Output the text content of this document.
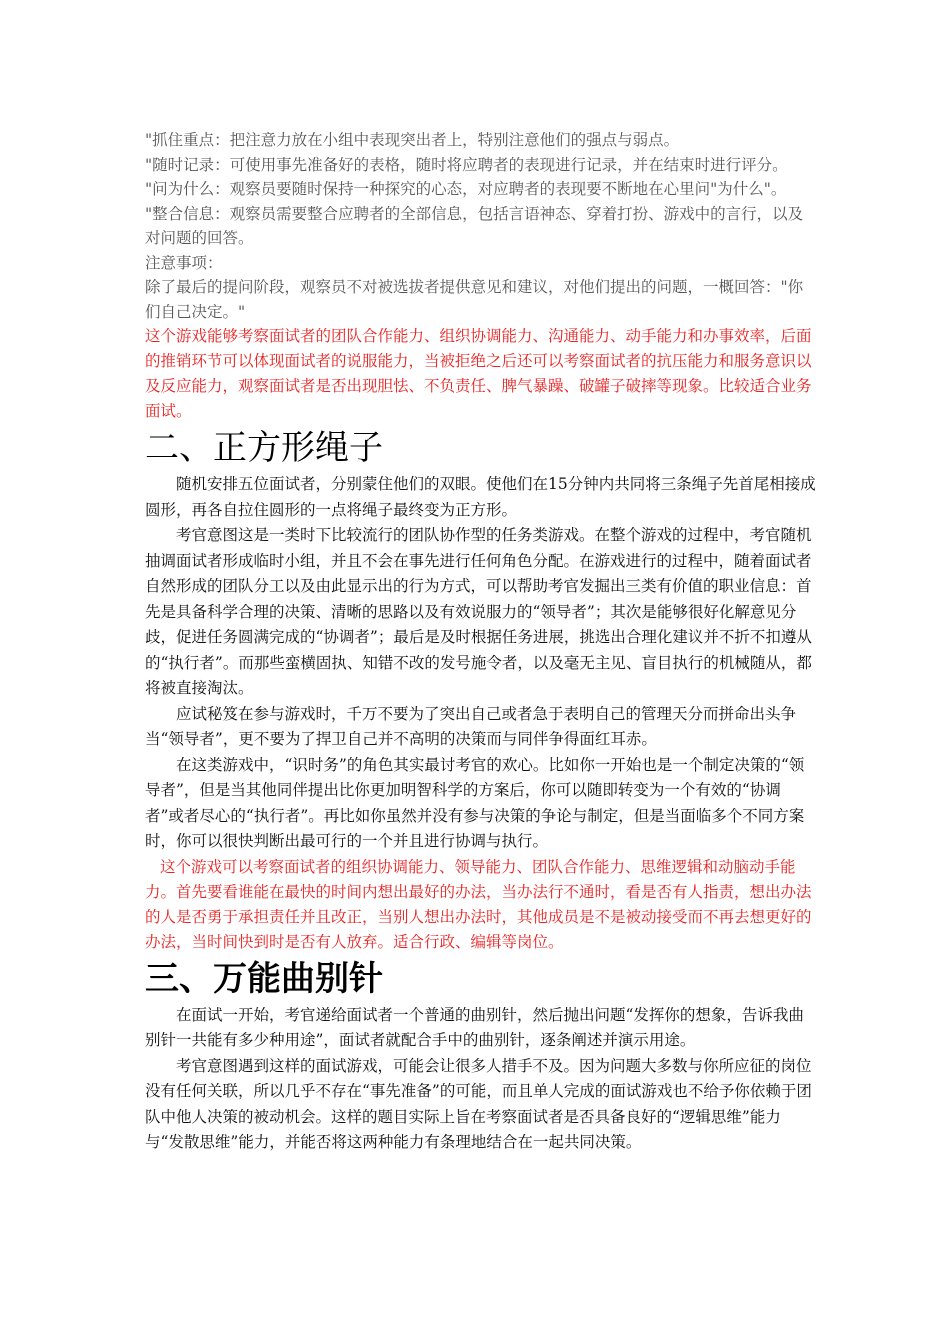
"抓住重点：把注意力放在小组中表现突出者上，特别注意他们的强点与弱点。

"随时记录：可使用事先准备好的表格，随时将应聘者的表现进行记录，并在结束时进行评分。

"问为什么：观察员要随时保持一种探究的心态，对应聘者的表现要不断地在心里问"为什么"。

"整合信息：观察员需要整合应聘者的全部信息，包括言语神态、穿着打扮、游戏中的言行，以及对问题的回答。

注意事项：

除了最后的提问阶段，观察员不对被选拔者提供意见和建议，对他们提出的问题，一概回答："你们自己决定。"

这个游戏能够考察面试者的团队合作能力、组织协调能力、沟通能力、动手能力和办事效率，后面的推销环节可以体现面试者的说服能力，当被拒绝之后还可以考察面试者的抗压能力和服务意识以及反应能力，观察面试者是否出现胆怯、不负责任、脾气暴躁、破罐子破摔等现象。比较适合业务面试。

二、正方形绳子

随机安排五位面试者，分别蒙住他们的双眼。使他们在15分钟内共同将三条绳子先首尾相接成圆形，再各自拉住圆形的一点将绳子最终变为正方形。

考官意图这是一类时下比较流行的团队协作型的任务类游戏。在整个游戏的过程中，考官随机抽调面试者形成临时小组，并且不会在事先进行任何角色分配。在游戏进行的过程中，随着面试者自然形成的团队分工以及由此显示出的行为方式，可以帮助考官发掘出三类有价值的职业信息：首先是具备科学合理的决策、清晰的思路以及有效说服力的“领导者”；其次是能够很好化解意见分歧，促进任务圆满完成的“协调者”；最后是及时根据任务进展，挑选出合理化建议并不折不扣遵从的“执行者”。而那些蛮横固执、知错不改的发号施令者，以及毫无主见、盲目执行的机械随从，都将被直接淘汰。

应试秘笈在参与游戏时，千万不要为了突出自己或者急于表明自己的管理天分而拼命出头争当“领导者”，更不要为了捍卫自己并不高明的决策而与同伴争得面红耳赤。

在这类游戏中，“识时务”的角色其实最讨考官的欢心。比如你一开始也是一个制定决策的“领导者”，但是当其他同伴提出比你更加明智科学的方案后，你可以随即转变为一个有效的“协调者”或者尽心的“执行者”。再比如你虽然并没有参与决策的争论与制定，但是当面临多个不同方案时，你可以很快判断出最可行的一个并且进行协调与执行。

这个游戏可以考察面试者的组织协调能力、领导能力、团队合作能力、思维逻辑和动脑动手能力。首先要看谁能在最快的时间内想出最好的办法，当办法行不通时，看是否有人指责，想出办法的人是否勇于承担责任并且改正，当别人想出办法时，其他成员是不是被动接受而不再去想更好的办法，当时间快到时是否有人放弃。适合行政、编辑等岗位。

三、万能曲别针

在面试一开始，考官递给面试者一个普通的曲别针，然后抛出问题“发挥你的想象，告诉我曲别针一共能有多少种用途”，面试者就配合手中的曲别针，逐条阐述并演示用途。

考官意图遇到这样的面试游戏，可能会让很多人措手不及。因为问题大多数与你所应征的岗位没有任何关联，所以几乎不存在“事先准备”的可能，而且单人完成的面试游戏也不给予你依赖于团队中他人决策的被动机会。这样的题目实际上旨在考察面试者是否具备良好的“逻辑思维”能力与“发散思维”能力，并能否将这两种能力有条理地结合在一起共同决策。
